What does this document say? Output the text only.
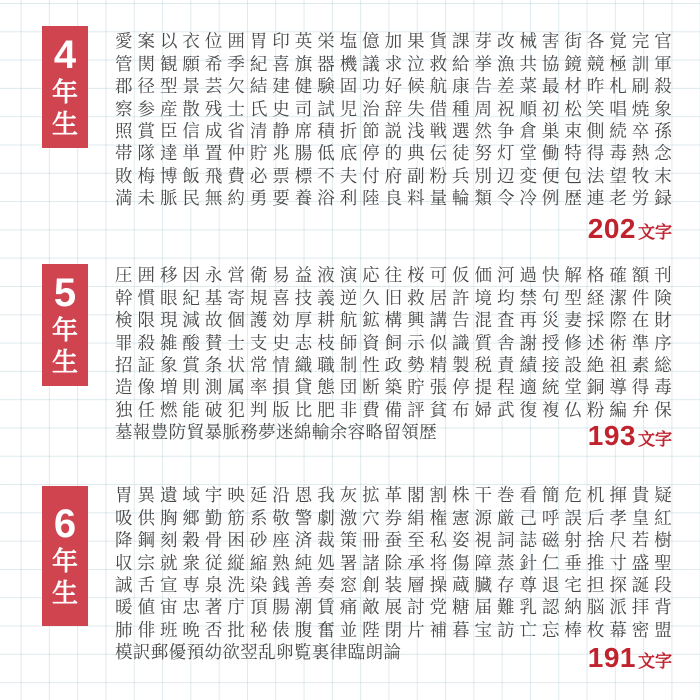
4
年
生
愛 案 以 衣 位 囲 胃 印 英 栄 塩 億 加 果 貨 課 芽 改 械 害 街 各 覚 完 官
管 関 観 願 希 季 紀 喜 旗 器 機 議 求 泣 救 給 挙 漁 共 協 鏡 競 極 訓 軍
郡 径 型 景 芸 欠 結 建 健 験 固 功 好 候 航 康 告 差 菜 最 材 昨 札 刷 殺
察 参 産 散 残 士 氏 史 司 試 児 治 辞 失 借 種 周 祝 順 初 松 笑 唱 焼 象
照 賞 臣 信 成 省 清 静 席 積 折 節 説 浅 戦 選 然 争 倉 巣 束 側 続 卒 孫
帯 隊 達 単 置 仲 貯 兆 腸 低 底 停 的 典 伝 徒 努 灯 堂 働 特 得 毒 熱 念
敗 梅 博 飯 飛 費 必 票 標 不 夫 付 府 副 粉 兵 別 辺 変 便 包 法 望 牧 末
満 未 脈 民 無 約 勇 要 養 浴 利 陸 良 料 量 輪 類 令 冷 例 歴 連 老 労 録
202 文字
5
年
生
圧 囲 移 因 永 営 衛 易 益 液 演 応 往 桜 可 仮 価 河 過 快 解 格 確 額 刊
幹 慣 眼 紀 基 寄 規 喜 技 義 逆 久 旧 救 居 許 境 均 禁 句 型 経 潔 件 険
検 限 現 減 故 個 護 効 厚 耕 航 鉱 構 興 講 告 混 査 再 災 妻 採 際 在 財
罪 殺 雑 酸 賛 士 支 史 志 枝 師 資 飼 示 似 識 質 舎 謝 授 修 述 術 準 序
招 証 象 賞 条 状 常 情 織 職 制 性 政 勢 精 製 税 責 績 接 設 絶 祖 素 総
造 像 増 則 測 属 率 損 貸 態 団 断 築 貯 張 停 提 程 適 統 堂 銅 導 得 毒
独 任 燃 能 破 犯 判 版 比 肥 非 費 備 評 貧 布 婦 武 復 複 仏 粉 編 弁 保
墓 報 豊 防 貿 暴 脈 務 夢 迷 綿 輸 余 容 略 留 領 歴	193 文字
6
年
生
胃 異 遺 域 宇 映 延 沿 恩 我 灰 拡 革 閣 割 株 干 巻 看 簡 危 机 揮 貴 疑
吸 供 胸 郷 勤 筋 系 敬 警 劇 激 穴 券 絹 権 憲 源 厳 己 呼 誤 后 孝 皇 紅
降 鋼 刻 穀 骨 困 砂 座 済 裁 策 冊 蚕 至 私 姿 視 詞 誌 磁 射 捨 尺 若 樹
収 宗 就 衆 従 縦 縮 熟 純 処 署 諸 除 承 将 傷 障 蒸 針 仁 垂 推 寸 盛 聖
誠 舌 宣 専 泉 洗 染 銭 善 奏 窓 創 装 層 操 蔵 臓 存 尊 退 宅 担 探 誕 段
暖 値 宙 忠 著 庁 頂 腸 潮 賃 痛 敵 展 討 党 糖 届 難 乳 認 納 脳 派 拝 背
肺 俳 班 晩 否 批 秘 俵 腹 奮 並 陛 閉 片 補 暮 宝 訪 亡 忘 棒 枚 幕 密 盟
模 訳 郵 優 預 幼 欲 翌 乱 卵 覧 裏 律 臨 朗 論	191 文字
